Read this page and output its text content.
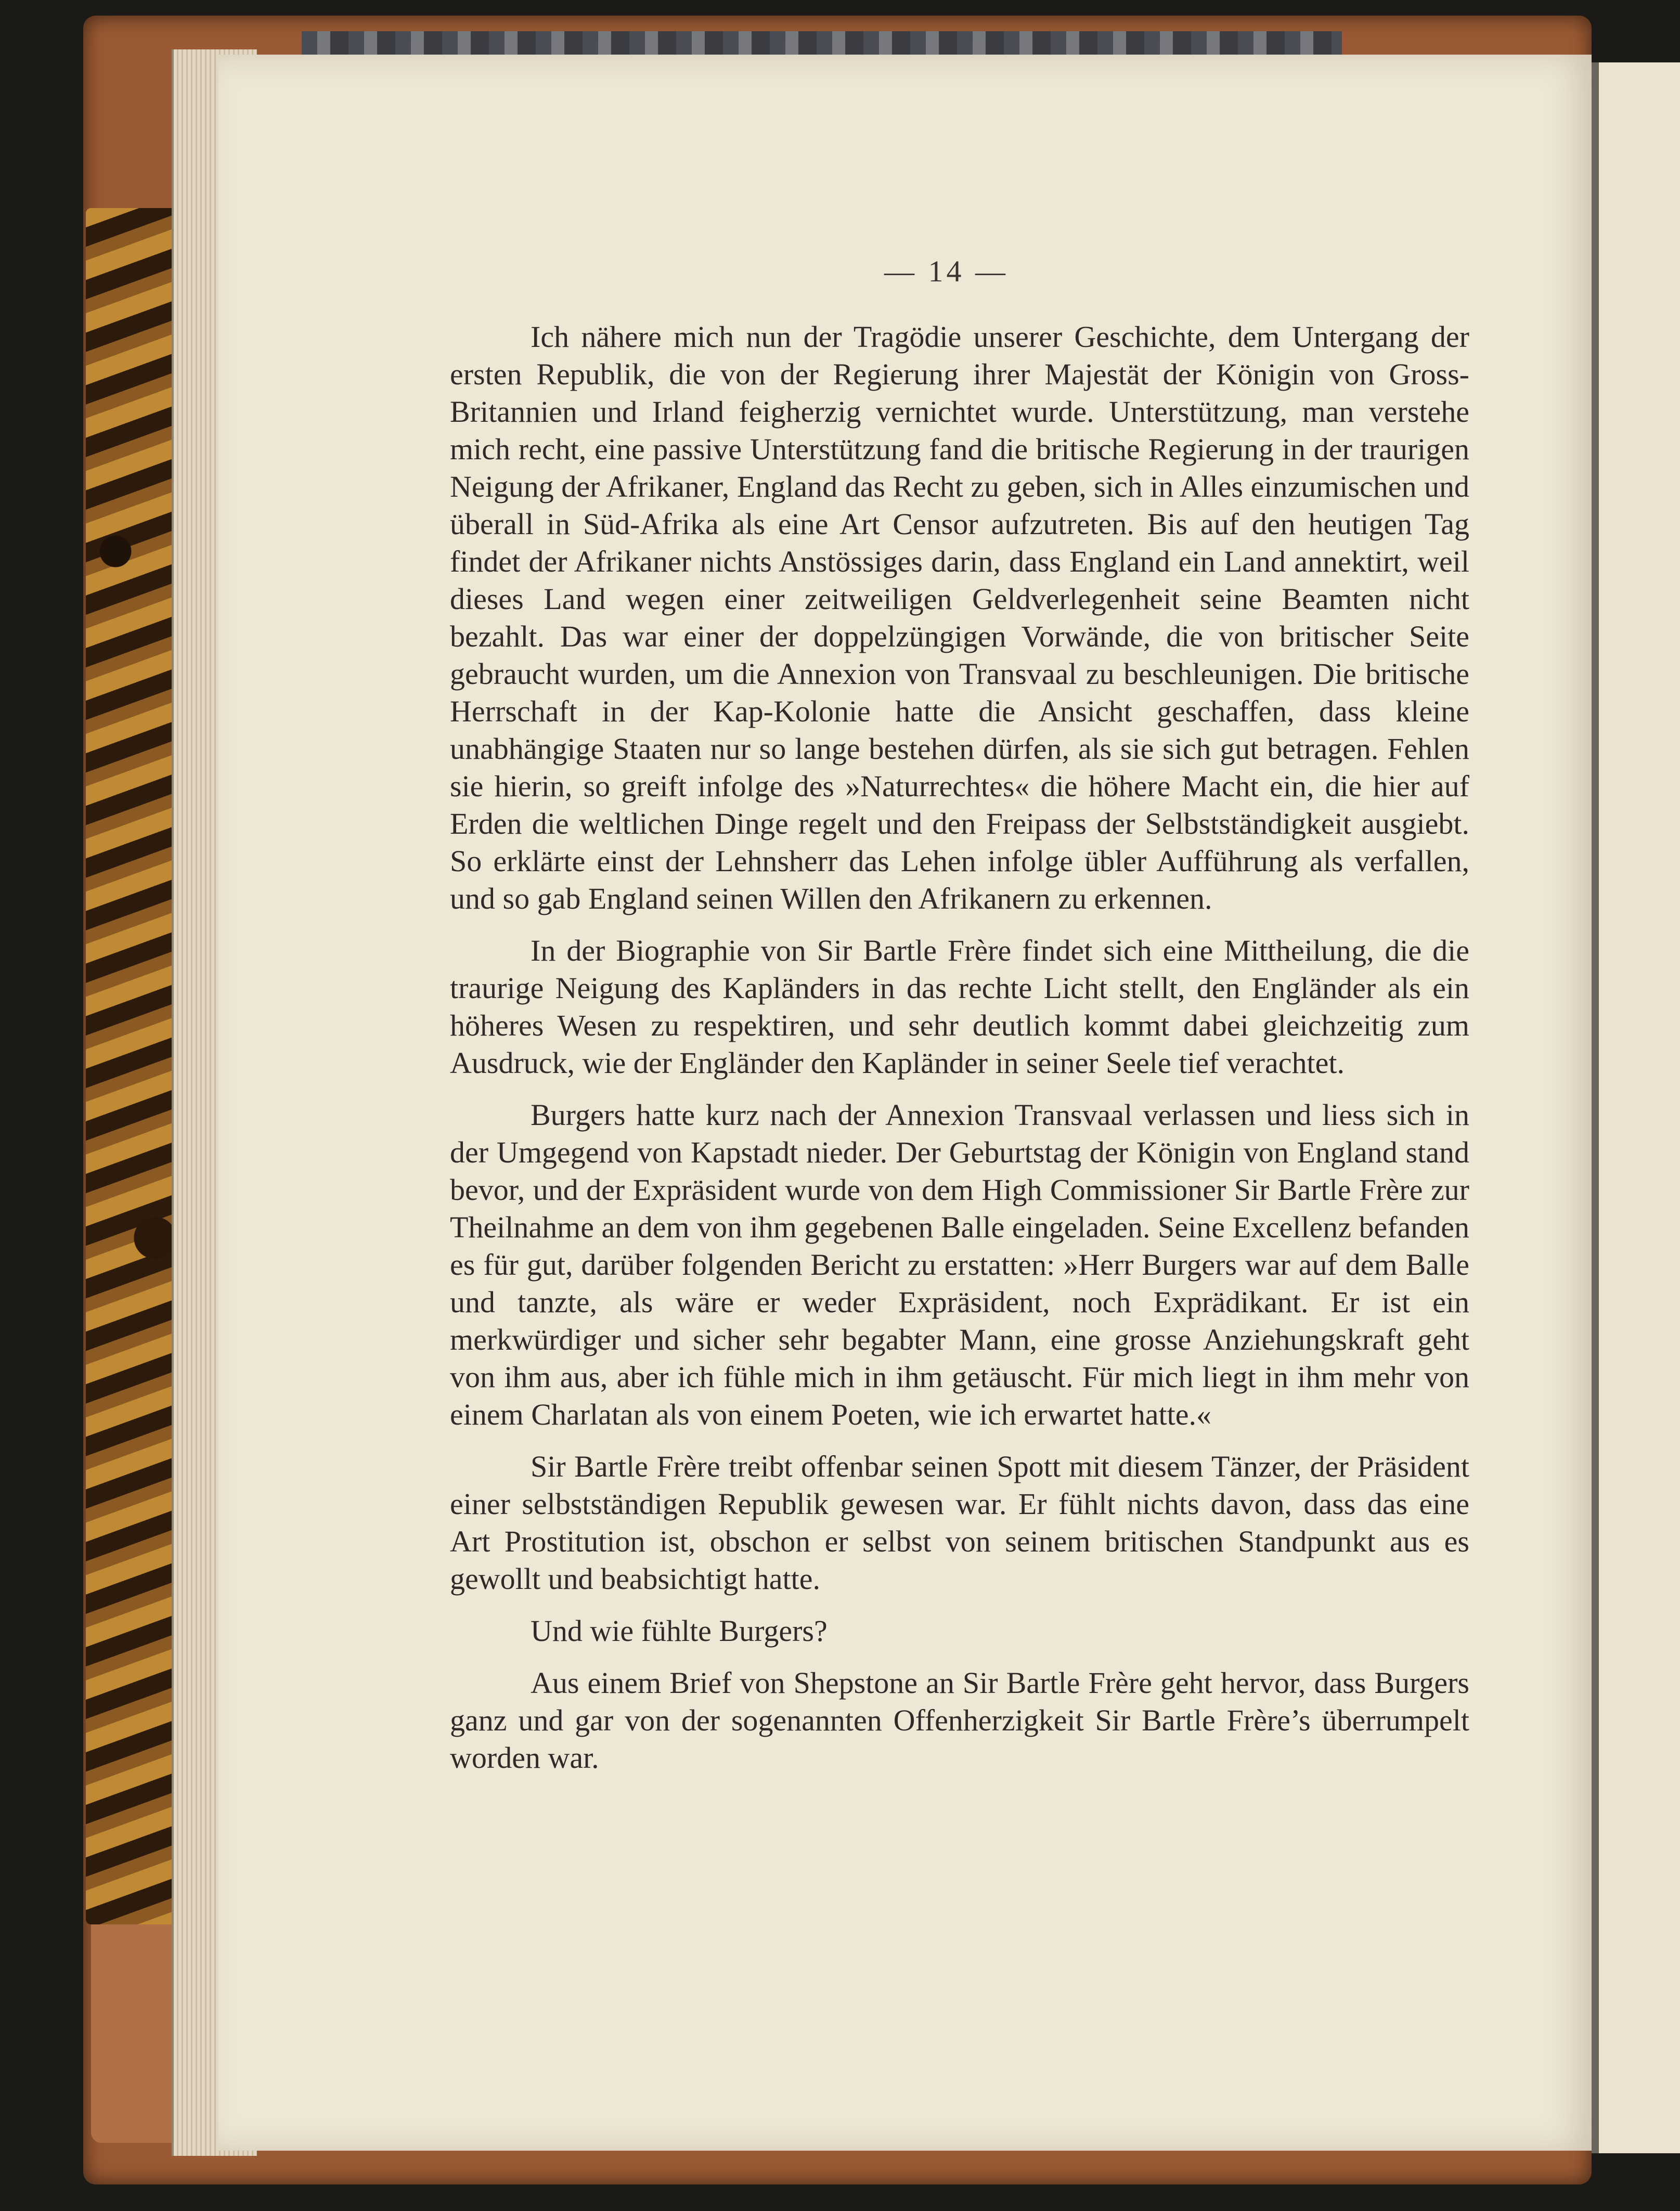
— 14 —

Ich nähere mich nun der Tragödie unserer Geschichte, dem Untergang der ersten Republik, die von der Regierung ihrer Majestät der Königin von Gross-Britannien und Irland feigherzig vernichtet wurde. Unterstützung, man verstehe mich recht, eine passive Unterstützung fand die britische Regierung in der traurigen Neigung der Afrikaner, England das Recht zu geben, sich in Alles einzumischen und überall in Süd-Afrika als eine Art Censor aufzutreten. Bis auf den heutigen Tag findet der Afrikaner nichts Anstössiges darin, dass England ein Land annektirt, weil dieses Land wegen einer zeitweiligen Geldverlegenheit seine Beamten nicht bezahlt. Das war einer der doppelzüngigen Vorwände, die von britischer Seite gebraucht wurden, um die Annexion von Transvaal zu beschleunigen. Die britische Herrschaft in der Kap-Kolonie hatte die Ansicht geschaffen, dass kleine unabhängige Staaten nur so lange bestehen dürfen, als sie sich gut betragen. Fehlen sie hierin, so greift infolge des »Naturrechtes« die höhere Macht ein, die hier auf Erden die weltlichen Dinge regelt und den Freipass der Selbstständigkeit ausgiebt. So erklärte einst der Lehnsherr das Lehen infolge übler Aufführung als verfallen, und so gab England seinen Willen den Afrikanern zu erkennen.

In der Biographie von Sir Bartle Frère findet sich eine Mittheilung, die die traurige Neigung des Kapländers in das rechte Licht stellt, den Engländer als ein höheres Wesen zu respektiren, und sehr deutlich kommt dabei gleichzeitig zum Ausdruck, wie der Engländer den Kapländer in seiner Seele tief verachtet.

Burgers hatte kurz nach der Annexion Transvaal verlassen und liess sich in der Umgegend von Kapstadt nieder. Der Geburtstag der Königin von England stand bevor, und der Expräsident wurde von dem High Commissioner Sir Bartle Frère zur Theilnahme an dem von ihm gegebenen Balle eingeladen. Seine Excellenz befanden es für gut, darüber folgenden Bericht zu erstatten: »Herr Burgers war auf dem Balle und tanzte, als wäre er weder Expräsident, noch Exprädikant. Er ist ein merkwürdiger und sicher sehr begabter Mann, eine grosse Anziehungskraft geht von ihm aus, aber ich fühle mich in ihm getäuscht. Für mich liegt in ihm mehr von einem Charlatan als von einem Poeten, wie ich erwartet hatte.«

Sir Bartle Frère treibt offenbar seinen Spott mit diesem Tänzer, der Präsident einer selbstständigen Republik gewesen war. Er fühlt nichts davon, dass das eine Art Prostitution ist, obschon er selbst von seinem britischen Standpunkt aus es gewollt und beabsichtigt hatte.

Und wie fühlte Burgers?

Aus einem Brief von Shepstone an Sir Bartle Frère geht hervor, dass Burgers ganz und gar von der sogenannten Offenherzigkeit Sir Bartle Frère’s überrumpelt worden war.
